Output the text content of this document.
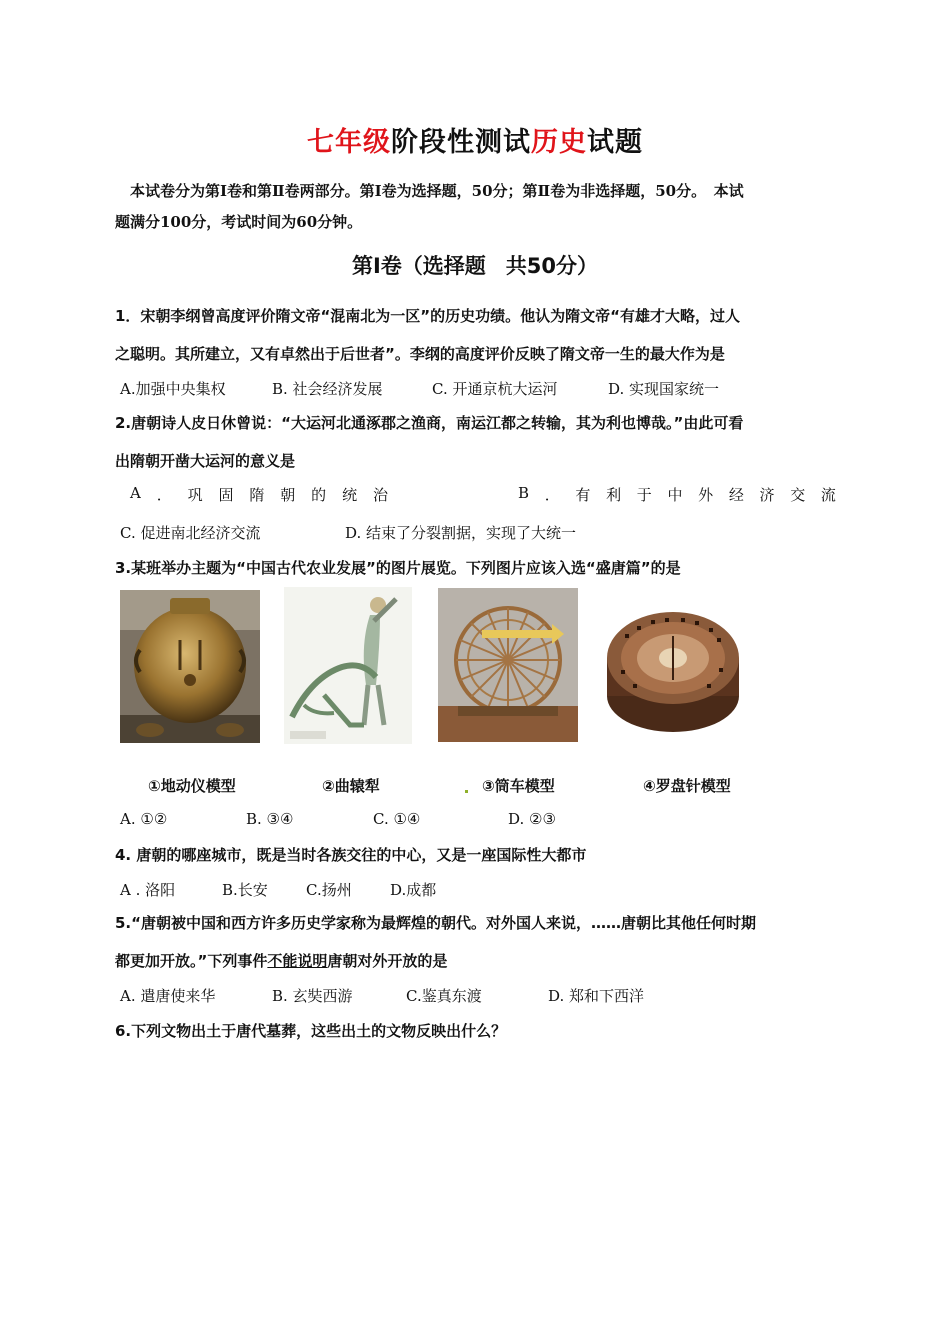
七年级阶段性测试历史试题
本试卷分为第Ⅰ卷和第Ⅱ卷两部分。第Ⅰ卷为选择题，50分；第Ⅱ卷为非选择题，50分。　本试
题满分100分，考试时间为60分钟。
第Ⅰ卷（选择题 共50分）
1．宋朝李纲曾高度评价隋文帝“混南北为一区”的历史功绩。他认为隋文帝“有雄才大略，过人
之聪明。其所建立，又有卓然出于后世者”。李纲的高度评价反映了隋文帝一生的最大作为是
A.加强中央集权	B. 社会经济发展	C. 开通京杭大运河	D. 实现国家统一
2.唐朝诗人皮日休曾说：“大运河北通涿郡之渔商，南运江都之转输，其为利也博哉。”由此可看
出隋朝开凿大运河的意义是
A ． 巩 固 隋 朝 的 统 治	B ． 有 利 于 中 外 经 济 交 流
C. 促进南北经济交流	D. 结束了分裂割据，实现了大统一
3.某班举办主题为“中国古代农业发展”的图片展览。下列图片应该入选“盛唐篇”的是
①地动仪模型	②曲辕犁	③筒车模型	④罗盘针模型
A. ①②	B. ③④	C. ①④	D. ②③
4. 唐朝的哪座城市，既是当时各族交往的中心，又是一座国际性大都市
A . 洛阳	B.长安	C.扬州	D.成都
5.“唐朝被中国和西方许多历史学家称为最辉煌的朝代。对外国人来说，……唐朝比其他任何时期
都更加开放。”下列事件不能说明唐朝对外开放的是
A. 遣唐使来华	B. 玄奘西游	C.鉴真东渡	D. 郑和下西洋
6.下列文物出土于唐代墓葬，这些出土的文物反映出什么？
